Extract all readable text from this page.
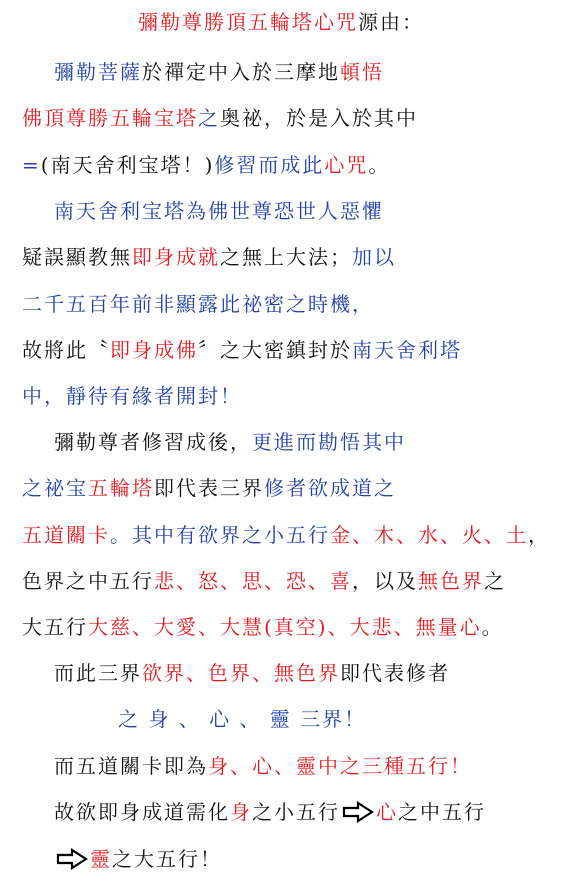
彌勒尊勝頂五輪塔心咒源由：
彌勒菩薩於禪定中入於三摩地頓悟
佛頂尊勝五輪宝塔之奥祕，於是入於其中
=(南天舍利宝塔！)修習而成此心咒。
南天舍利宝塔為佛世尊恐世人惡懼
疑誤顯教無即身成就之無上大法；加以
二千五百年前非顯露此祕密之時機，
故將此〝即身成佛〞之大密鎮封於南天舍利塔
中，靜待有緣者開封！
彌勒尊者修習成後，更進而勘悟其中
之祕宝五輪塔即代表三界修者欲成道之
五道關卡。其中有欲界之小五行金、木、水、火、土，
色界之中五行悲、怒、思、恐、喜，以及無色界之
大五行大慈、大愛、大慧(真空)、大悲、無量心。
而此三界欲界、色界、無色界即代表修者
之 身 、 心 、 靈 三界！
而五道關卡即為身、心、靈中之三種五行！
故欲即身成道需化身之小五行 心之中五行
靈之大五行！
